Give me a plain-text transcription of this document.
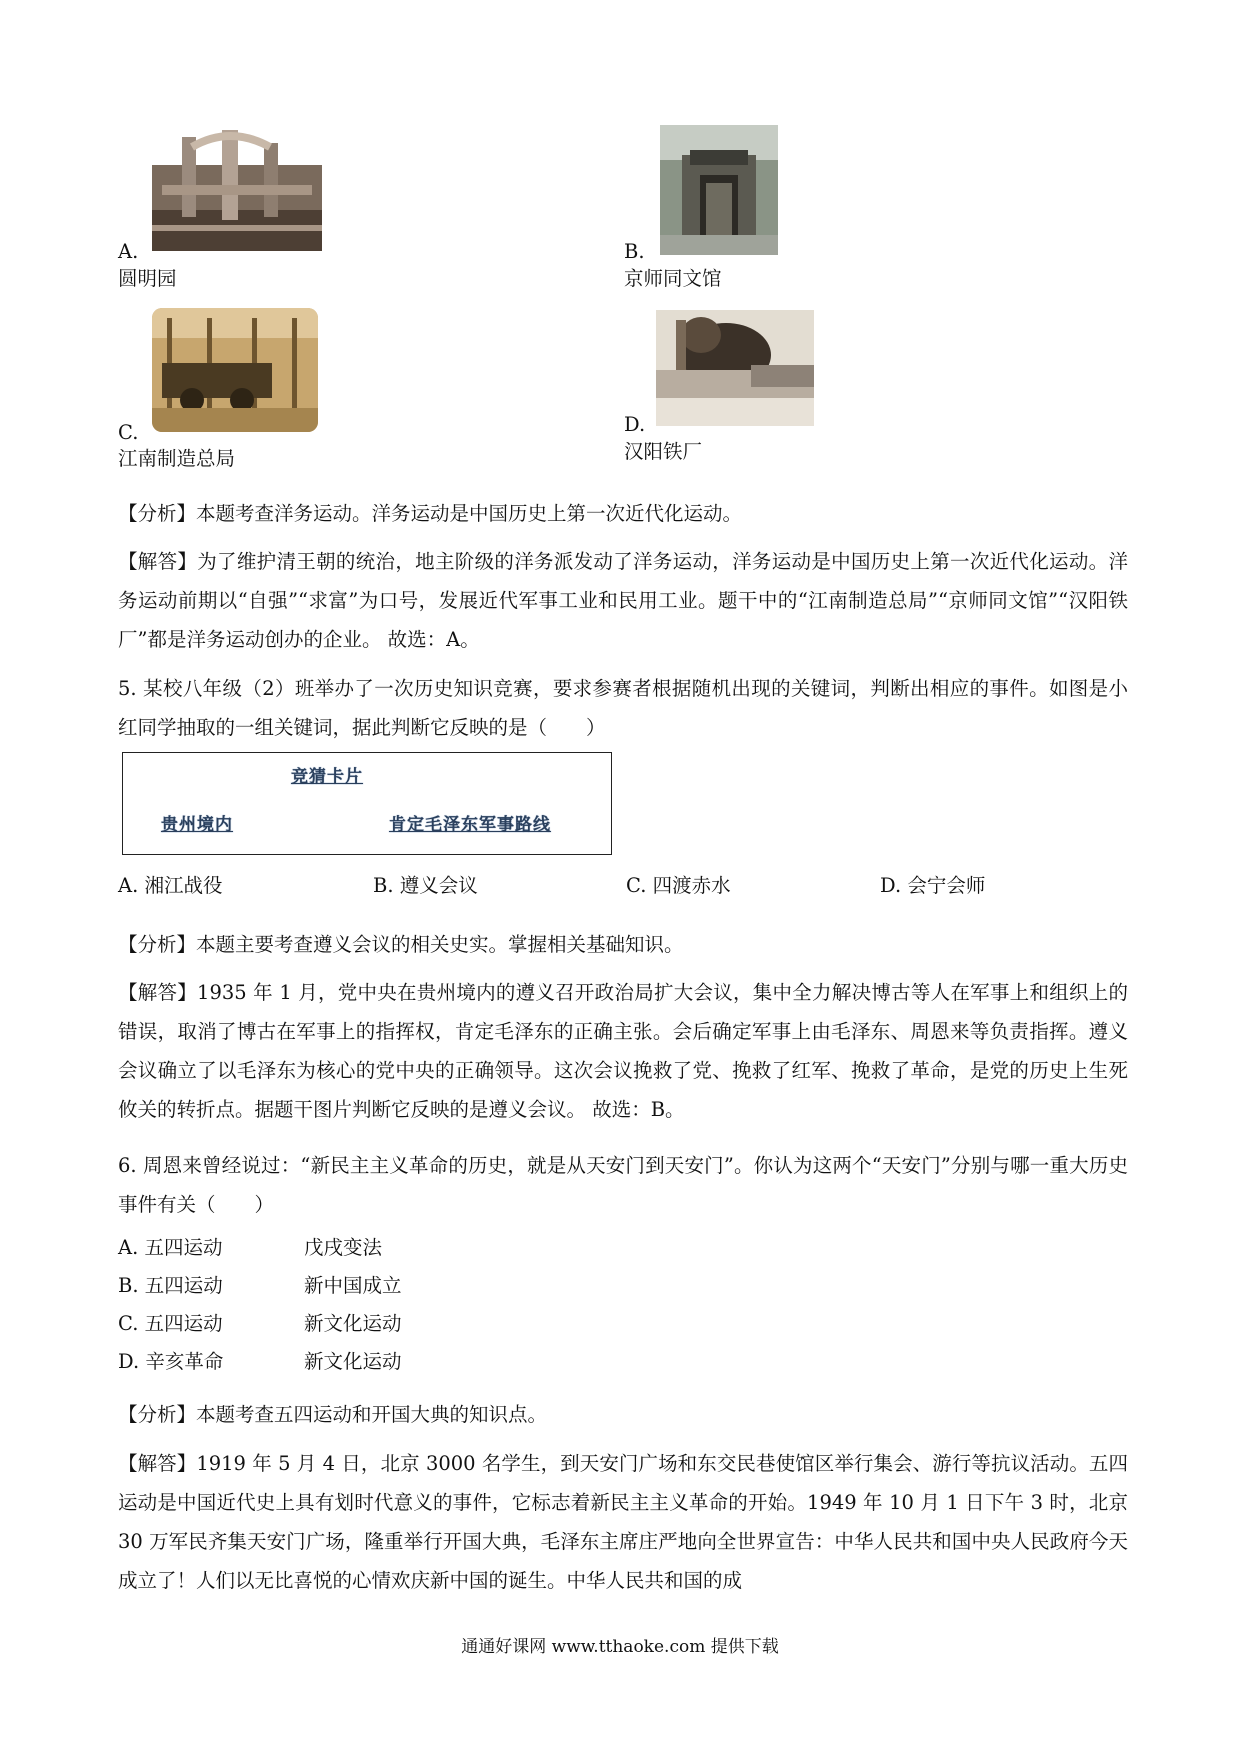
A.
圆明园
B.
京师同文馆
C.
江南制造总局
D.
汉阳铁厂
【分析】本题考查洋务运动。洋务运动是中国历史上第一次近代化运动。
【解答】为了维护清王朝的统治，地主阶级的洋务派发动了洋务运动，洋务运动是中国历史上第一次近代化运动。洋务运动前期以“自强”“求富”为口号，发展近代军事工业和民用工业。题干中的“江南制造总局”“京师同文馆”“汉阳铁厂”都是洋务运动创办的企业。 故选：A。
5. 某校八年级（2）班举办了一次历史知识竞赛，要求参赛者根据随机出现的关键词，判断出相应的事件。如图是小红同学抽取的一组关键词，据此判断它反映的是（　　）
竞猜卡片
贵州境内	肯定毛泽东军事路线
A. 湘江战役	B. 遵义会议	C. 四渡赤水	D. 会宁会师
【分析】本题主要考查遵义会议的相关史实。掌握相关基础知识。
【解答】1935 年 1 月，党中央在贵州境内的遵义召开政治局扩大会议，集中全力解决博古等人在军事上和组织上的错误，取消了博古在军事上的指挥权，肯定毛泽东的正确主张。会后确定军事上由毛泽东、周恩来等负责指挥。遵义会议确立了以毛泽东为核心的党中央的正确领导。这次会议挽救了党、挽救了红军、挽救了革命，是党的历史上生死攸关的转折点。据题干图片判断它反映的是遵义会议。 故选：B。
6. 周恩来曾经说过：“新民主主义革命的历史，就是从天安门到天安门”。你认为这两个“天安门”分别与哪一重大历史事件有关（　　）
A. 五四运动	戊戌变法
B. 五四运动	新中国成立
C. 五四运动	新文化运动
D. 辛亥革命	新文化运动
【分析】本题考查五四运动和开国大典的知识点。
【解答】1919 年 5 月 4 日，北京 3000 名学生，到天安门广场和东交民巷使馆区举行集会、游行等抗议活动。五四运动是中国近代史上具有划时代意义的事件，它标志着新民主主义革命的开始。1949 年 10 月 1 日下午 3 时，北京 30 万军民齐集天安门广场，隆重举行开国大典，毛泽东主席庄严地向全世界宣告：中华人民共和国中央人民政府今天成立了！人们以无比喜悦的心情欢庆新中国的诞生。中华人民共和国的成
通通好课网 www.tthaoke.com 提供下载
